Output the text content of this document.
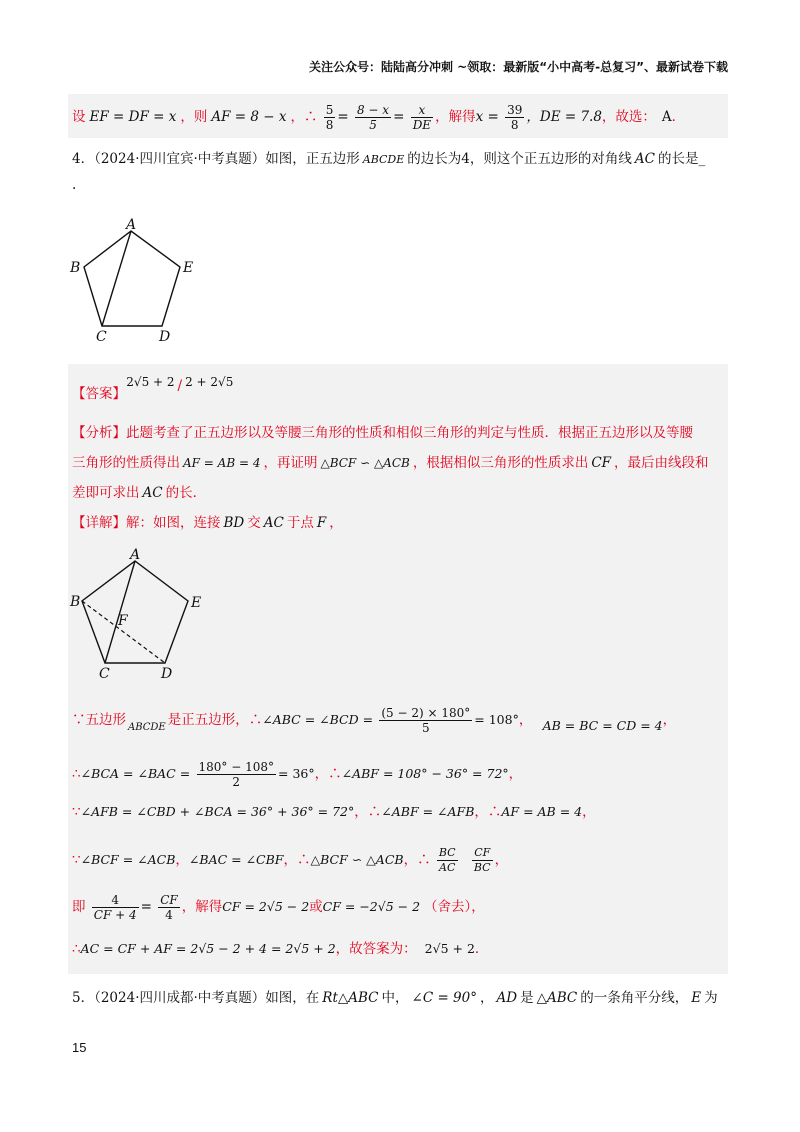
关注公众号：陆陆高分冲刺 ~领取：最新版“小中高考-总复习”、最新试卷下载
设 EF = DF = x ，则 AF = 8 − x ，∴ $\frac{5}{8} = \frac{8 - x}{5} = \frac{x}{DE}$ ，解得$x = \frac{39}{8}$ ，DE = 7.8，故选： A．
4．（2024·四川宜宾·中考真题）如图，正五边形 ABCDE 的边长为4，则这个正五边形的对角线 AC 的长是_
.
A
B	E
C	D
【答案】 2√5 + 2 / 2 + 2√5
【分析】此题考查了正五边形以及等腰三角形的性质和相似三角形的判定与性质．根据正五边形以及等腰
三角形的性质得出 AF = AB = 4 ，再证明 △BCF ∽ △ACB ，根据相似三角形的性质求出 CF ，最后由线段和
差即可求出 AC 的长．
【详解】解：如图，连接 BD 交 AC 于点 F ，
A
B	E
F
C	D
∵五边形 $_{ABCDE}$ 是正五边形，∴∠ABC = ∠BCD = $\frac{(5 - 2) \times 180^\circ}{5} = 108^\circ$， AB = BC = CD = 4，
∴∠BCA = ∠BAC = $\frac{180^\circ - 108^\circ}{2} = 36^\circ$，∴∠ABF = 108° − 36° = 72°，
∵∠AFB = ∠CBD + ∠BCA = 36° + 36° = 72°，∴∠ABF = ∠AFB，∴AF = AB = 4，
∵∠BCF = ∠ACB，∠BAC = ∠CBF，∴△BCF ∽ △ACB，∴ $\frac{BC}{AC}$
$\frac{CF}{BC}$ ，
即 $\frac{4}{CF + 4} = \frac{CF}{4}$ ，解得CF = 2√5 − 2或CF = −2√5 − 2 （舍去），
∴AC = CF + AF = 2√5 − 2 + 4 = 2√5 + 2，故答案为： 2√5 + 2．
5．（2024·四川成都·中考真题）如图，在 Rt△ABC 中， ∠C = 90° ， AD 是 △ABC 的一条角平分线， E 为
15
